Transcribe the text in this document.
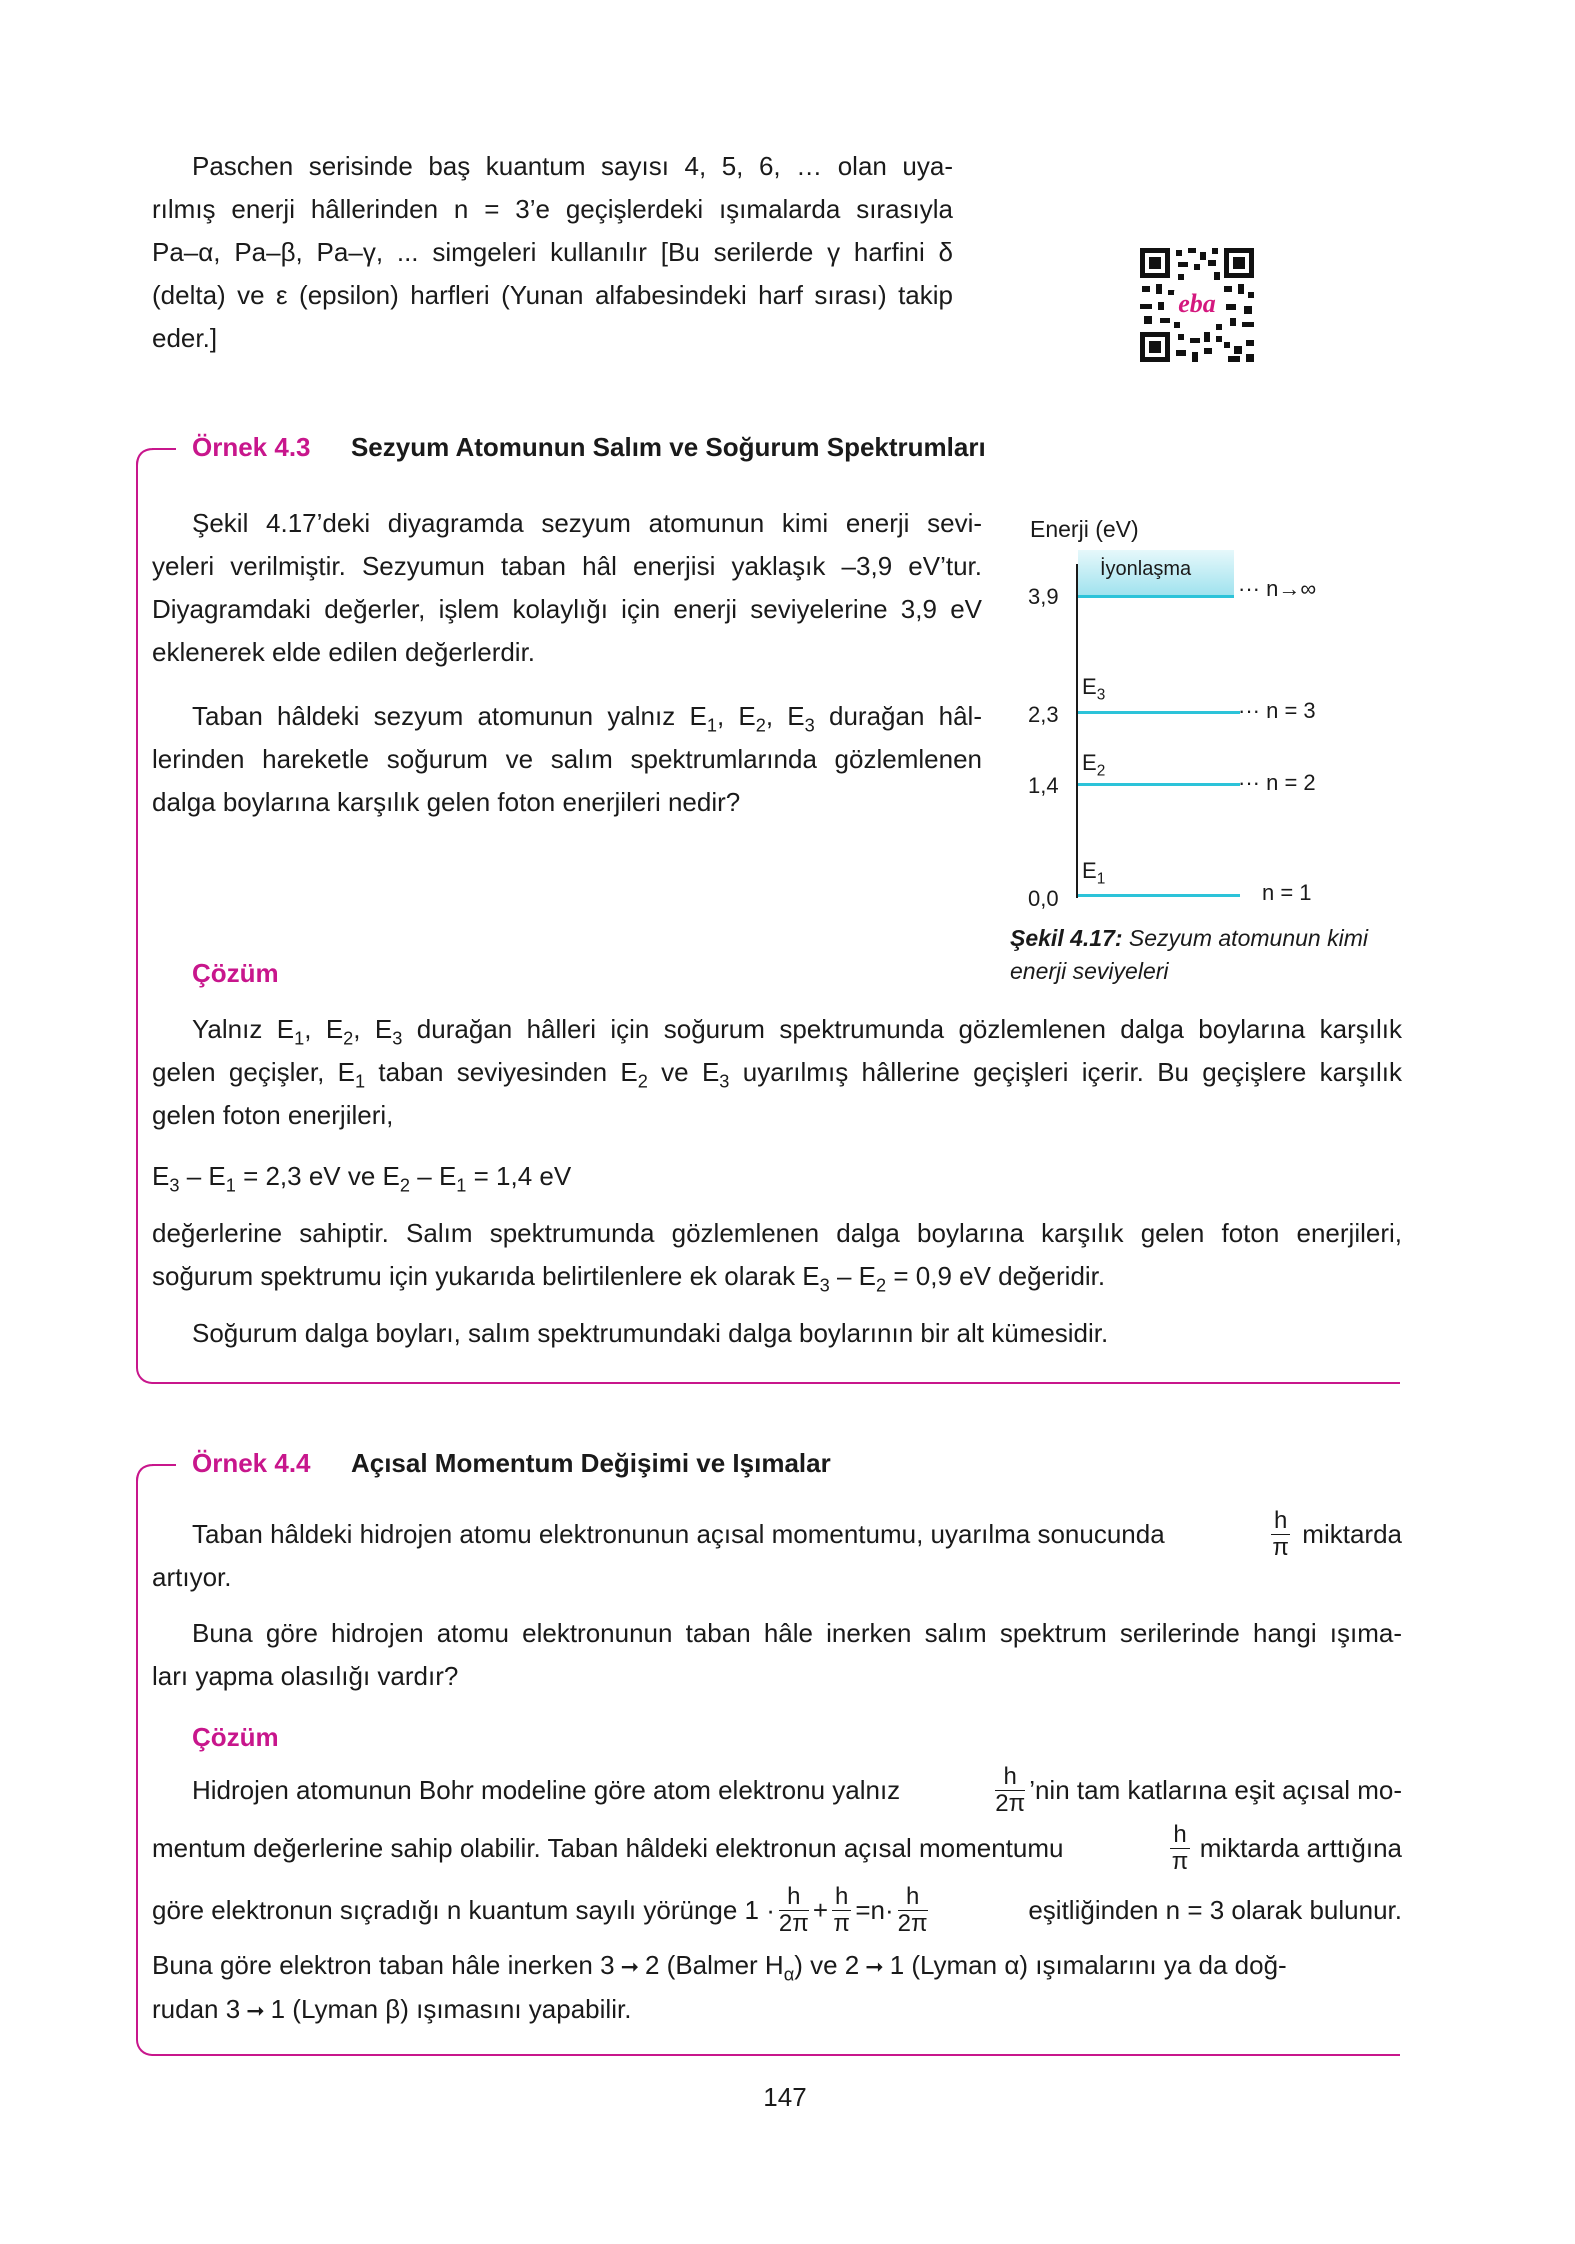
Paschen serisinde baş kuantum sayısı 4, 5, 6, … olan uya-

rılmış enerji hâllerinden n = 3’e geçişlerdeki ışımalarda sırasıyla

Pa–α, Pa–β, Pa–γ, ... simgeleri kullanılır [Bu serilerde γ harfini δ

(delta) ve ε (epsilon) harfleri (Yunan alfabesindeki harf sırası) takip

eder.]

eba
Örnek 4.3 Sezyum Atomunun Salım ve Soğurum Spektrumları

Şekil 4.17’deki diyagramda sezyum atomunun kimi enerji sevi-

yeleri verilmiştir. Sezyumun taban hâl enerjisi yaklaşık –3,9 eV’tur.

Diyagramdaki değerler, işlem kolaylığı için enerji seviyelerine 3,9 eV

eklenerek elde edilen değerlerdir.

Taban hâldeki sezyum atomunun yalnız $E_1$, $E_2$, $E_3$ durağan hâl-

lerinden hareketle soğurum ve salım spektrumlarında gözlemlenen

dalga boylarına karşılık gelen foton enerjileri nedir?

Enerji (eV)
İyonlaşma
3,9
2,3
1,4
0,0
$E_3$
$E_2$
$E_1$
··· n→∞
··· n = 3
··· n = 2
n = 1
Şekil 4.17: Sezyum atomunun kimi
enerji seviyeleri
Çözüm

Yalnız $E_1$, $E_2$, $E_3$ durağan hâlleri için soğurum spektrumunda gözlemlenen dalga boylarına karşılık

gelen geçişler, $E_1$ taban seviyesinden $E_2$ ve $E_3$ uyarılmış hâllerine geçişleri içerir. Bu geçişlere karşılık

gelen foton enerjileri,

$E_3 - E_1 = 2,3$ eV ve $E_2 - E_1 = 1,4$ eV

değerlerine sahiptir. Salım spektrumunda gözlemlenen dalga boylarına karşılık gelen foton enerjileri,

soğurum spektrumu için yukarıda belirtilenlere ek olarak $E_3 - E_2 = 0,9$ eV değeridir.

Soğurum dalga boyları, salım spektrumundaki dalga boylarının bir alt kümesidir.
Örnek 4.4 Açısal Momentum Değişimi ve Işımalar
Taban hâldeki hidrojen atomu elektronunun açısal momentumu, uyarılma sonucunda	$\frac{h}{\pi}$ miktarda
artıyor.

Buna göre hidrojen atomu elektronunun taban hâle inerken salım spektrum serilerinde hangi ışıma-

ları yapma olasılığı vardır?

Çözüm
Hidrojen atomunun Bohr modeline göre atom elektronu yalnız	$\frac{h}{2\pi}$ ’nin tam katlarına eşit açısal mo-
mentum değerlerine sahip olabilir. Taban hâldeki elektronun açısal momentumu	$\frac{h}{\pi}$ miktarda arttığına
göre elektronun sıçradığı n kuantum sayılı yörünge $1 \cdot \frac{h}{2\pi} + \frac{h}{\pi} =n\cdot \frac{h}{2\pi}$	eşitliğinden n = 3 olarak bulunur.
Buna göre elektron taban hâle inerken 3 ➞ 2 (Balmer $H_\alpha$) ve 2 ➞ 1 (Lyman α) ışımalarını ya da doğ-
rudan 3 ➞ 1 (Lyman β) ışımasını yapabilir.
147
